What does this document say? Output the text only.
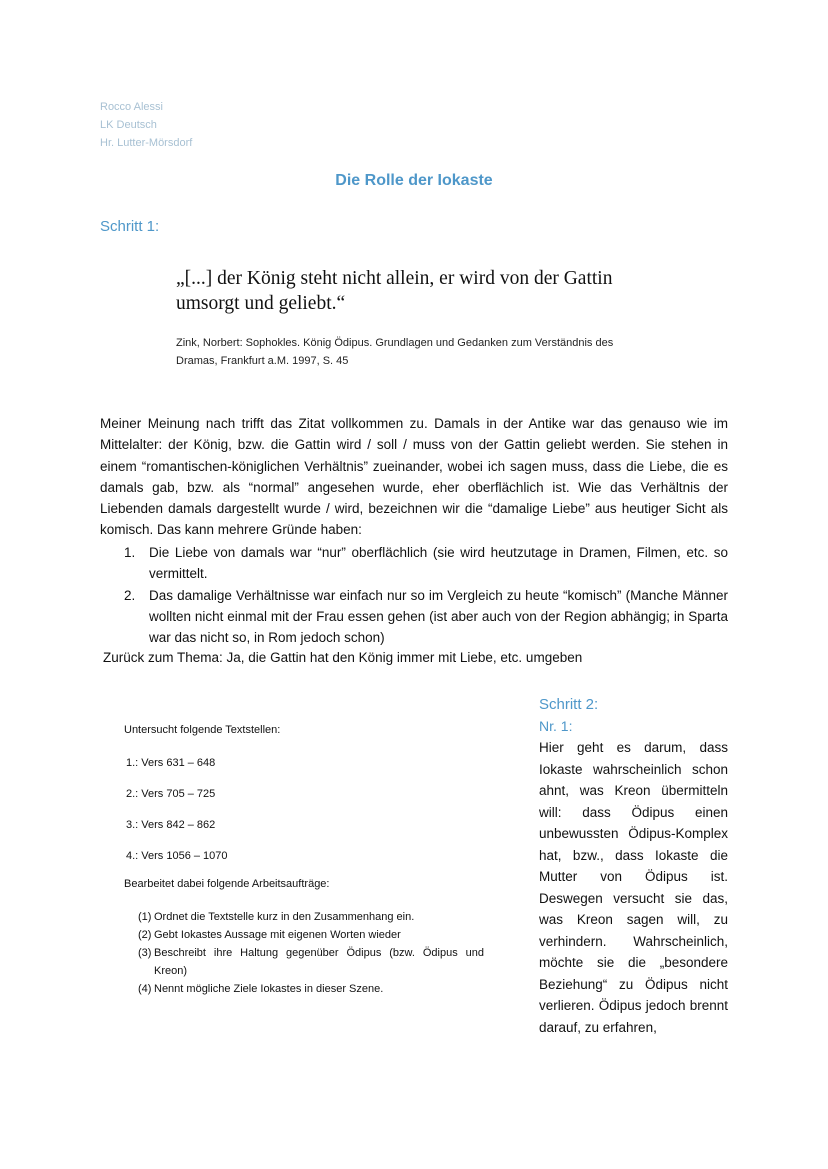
Rocco Alessi
LK Deutsch
Hr. Lutter-Mörsdorf
Die Rolle der Iokaste
Schritt 1:
„[...] der König steht nicht allein, er wird von der Gattin
umsorgt und geliebt.“
Zink, Norbert: Sophokles. König Ödipus. Grundlagen und Gedanken zum Verständnis des
Dramas, Frankfurt a.M. 1997, S. 45
Meiner Meinung nach trifft das Zitat vollkommen zu. Damals in der Antike war das genauso wie im Mittelalter: der König, bzw. die Gattin wird / soll / muss von der Gattin geliebt werden. Sie stehen in einem “romantischen-königlichen Verhältnis” zueinander, wobei ich sagen muss, dass die Liebe, die es damals gab, bzw. als “normal” angesehen wurde, eher oberflächlich ist. Wie das Verhältnis der Liebenden damals dargestellt wurde / wird, bezeichnen wir die “damalige Liebe” aus heutiger Sicht als komisch. Das kann mehrere Gründe haben:
1. Die Liebe von damals war “nur” oberflächlich (sie wird heutzutage in Dramen, Filmen, etc. so vermittelt.
2. Das damalige Verhältnisse war einfach nur so im Vergleich zu heute “komisch” (Manche Männer wollten nicht einmal mit der Frau essen gehen (ist aber auch von der Region abhängig; in Sparta war das nicht so, in Rom jedoch schon)
Zurück zum Thema: Ja, die Gattin hat den König immer mit Liebe, etc. umgeben
Untersucht folgende Textstellen:
1.: Vers 631 – 648
2.: Vers 705 – 725
3.: Vers 842 – 862
4.: Vers 1056 – 1070
Bearbeitet dabei folgende Arbeitsaufträge:
(1) Ordnet die Textstelle kurz in den Zusammenhang ein.
(2) Gebt Iokastes Aussage mit eigenen Worten wieder
(3) Beschreibt ihre Haltung gegenüber Ödipus (bzw. Ödipus und Kreon)
(4) Nennt mögliche Ziele Iokastes in dieser Szene.
Schritt 2:
Nr. 1:
Hier geht es darum, dass Iokaste wahrscheinlich schon ahnt, was Kreon übermitteln will: dass Ödipus einen unbewussten Ödipus-Komplex hat, bzw., dass Iokaste die Mutter von Ödipus ist. Deswegen versucht sie das, was Kreon sagen will, zu verhindern. Wahrscheinlich, möchte sie die „besondere Beziehung“ zu Ödipus nicht verlieren. Ödipus jedoch brennt darauf, zu erfahren,
